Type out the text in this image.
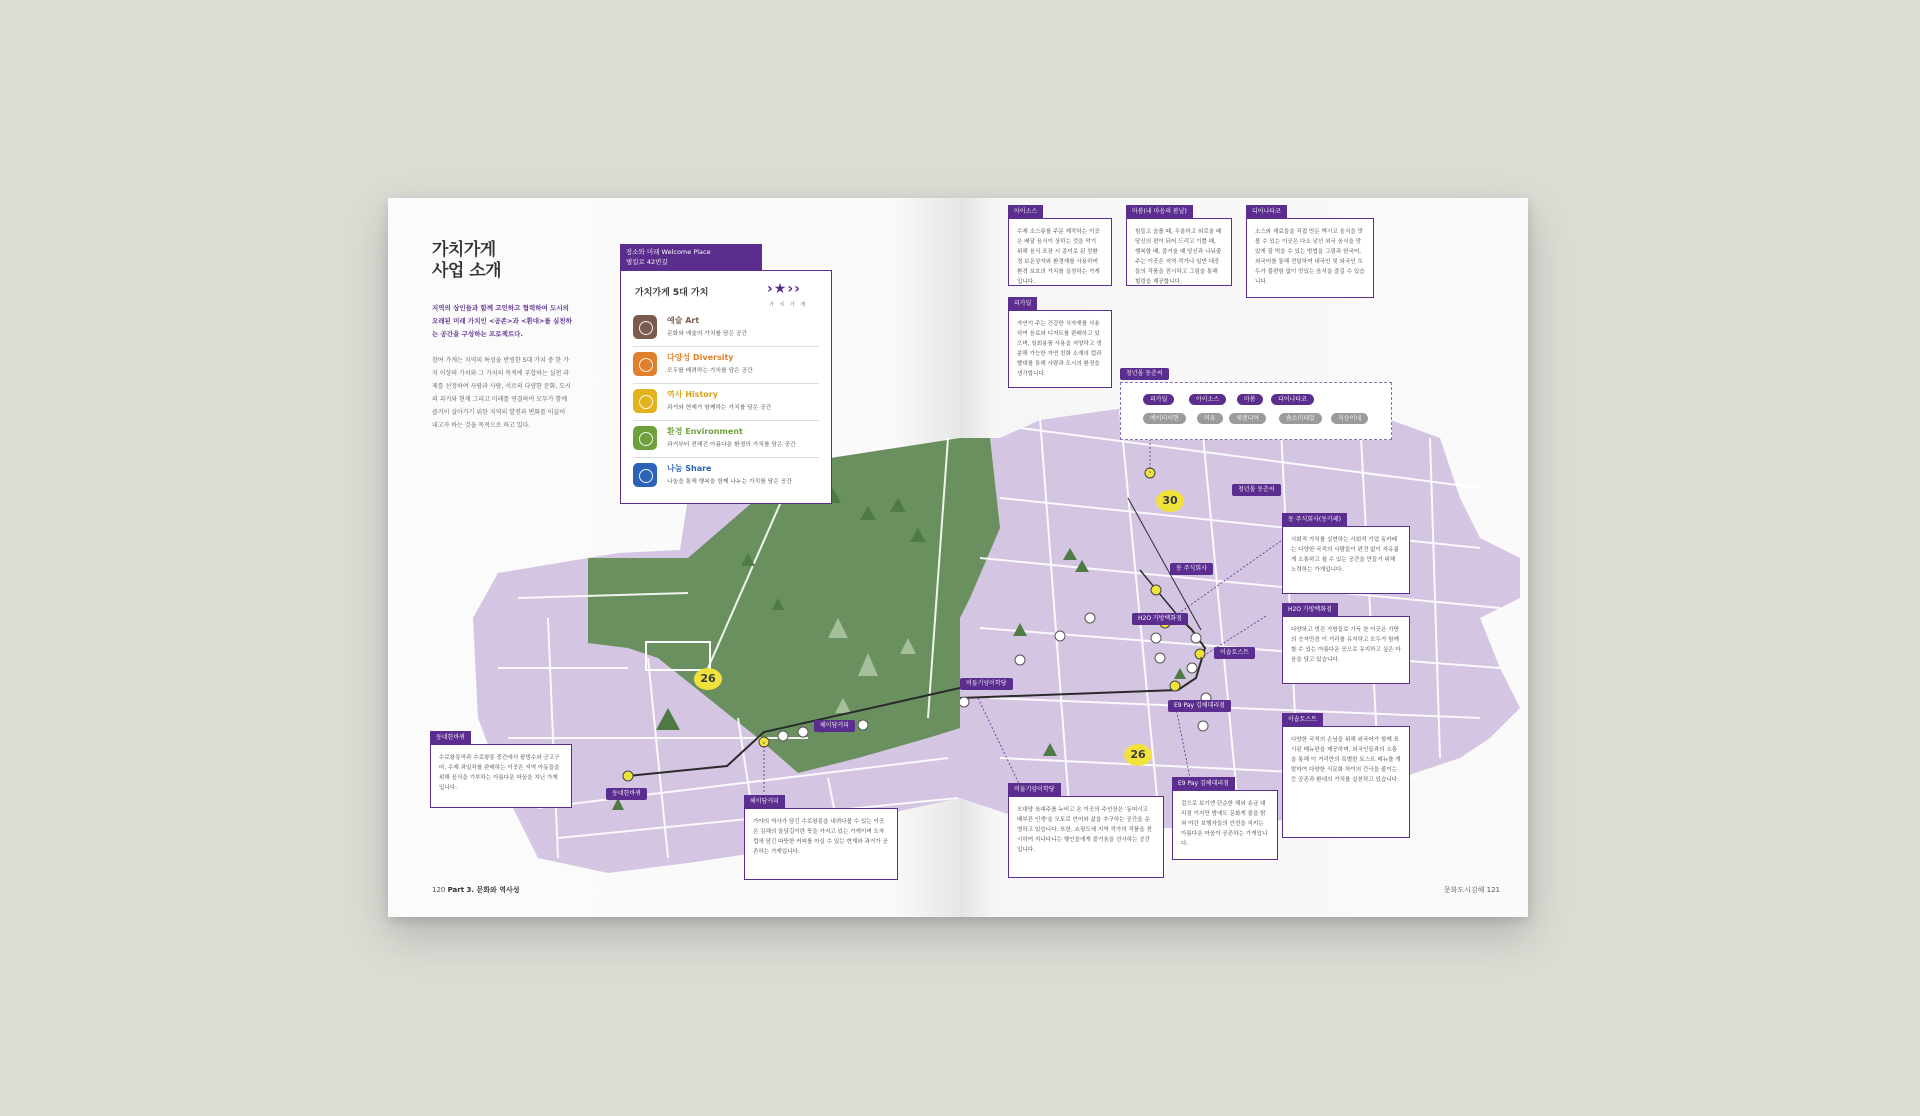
가치가게
사업 소개
지역의 상인들과 함께 고민하고 협력하여 도시의 오래된 미래 가치인 <공존>과 <환대>를 실천하는 공간을 구성하는 프로젝트다.
참여 가게는 지역의 특성을 반영한 5대 가치 중 한 가지 이상의 가치와 그 가치의 목적에 부합하는 실천 과제를 선정하여 사람과 사람, 서로의 다양한 문화, 도시의 과거와 현재 그리고 미래를 연결하여 모두가 함께 즐거이 살아가기 위한 지역의 발전과 변화를 이끌어 내고자 하는 것을 목적으로 하고 있다.
장소와 미래 Welcome Place
별킬로 42번길
가치가게 5대 가치	›★››
가 치 가 게
예술 Art
문화와 예술의 가치를 담은 공간
다양성 Diversity
모두를 배려하는 가치를 담은 공간
역사 History
과거와 현재가 함께하는 가치를 담은 공간
환경 Environment
과거부터 전해진 아름다운 환경의 가치를 담은 공간
나눔 Share
나눔을 통해 행복을 함께 나누는 가치를 담은 공간
26
동네한바퀴
수로왕릉역과 수로왕릉 중간에서 팥빙수와 군고구마, 수제 과일차를 판매하는 이곳은 지역 아동들을 위해 음식을 기부하는 아름다운 마음을 지닌 가게입니다.
헤이담커피
가야의 역사가 담긴 수로왕릉을 내려다볼 수 있는 이곳은 김해의 돌담길이란 뜻을 가지고 있는 가게이며 도자 컵에 담긴 따뜻한 커피를 마실 수 있는 현재와 과거가 공존하는 가게입니다.
동네한바퀴
헤이담커피
120 Part 3. 문화와 역사성
아이소스
수제 소스류를 주문 제작하는 이곳은 배달 음식이 상하는 것을 막기 위해 음식 포장 시 종이로 된 친환경 보온상자와 환경재를 사용하며 환경 보호의 가치를 실천하는 가게입니다.
마봄(내 마음의 봄날)
힘들고 슬플 때, 우울하고 외로울 때 당신의 편이 되어 드리고 기쁠 때, 행복할 때, 즐거울 때 당신과 나눠줄 주는 이곳은 지역 작가나 일반 대중들의 작품을 전시하고 그림을 통해 힐링을 제공합니다.
디어나타코
소스와 재료들을 직접 만든 멕시코 음식을 맛볼 수 있는 이곳은 다소 낯선 외국 음식을 맛있게 잘 먹을 수 있는 방법을 그림과 한국어, 외국어를 통해 전달하여 내국인 및 외국인 모두가 불편함 없이 맛있는 음식을 즐길 수 있습니다.
피카딜
자연이 주는 건강한 식자재를 사용하여 음료와 디저트를 판매하고 있으며, 일회용품 사용을 지양하고 생분해 가능한 자연 친화 소재의 컵과 빨대를 통해 사람과 도시의 환경을 생각합니다.	청년몰 동춘씨
피카딜	아이소스	마봄	디어나타코
에이티이현	미유	세렌디아	솜소미테일	지승이네
동 주식회사(동카페)
사회적 가치를 실현하는 사회적 기업 동카페는 다양한 국적의 사람들이 편견 없이 자유롭게 소통하고 쉴 수 있는 공간을 만들기 위해 노력하는 가게입니다.
H2O 가방백화점
다양하고 멋진 가방들로 가득 찬 이곳은 가방의 숫자만큼 이 거리를 유지하고 모두가 함께할 수 있는 아름다운 곳으로 유지하고 싶은 마음을 담고 있습니다.
이솝토스트
다양한 국적의 손님을 위해 외국어가 함께 표시된 메뉴판을 제공하며, 외국인들과의 소통을 통해 이 거리만의 특별한 토스트 메뉴를 개발하여 다양한 식문화 차이의 간극을 줄이는 등 공존과 환대의 가치를 실천하고 있습니다.
비둘기양이학당
모대양 육대주를 누비고 온 이곳의 주인장은 '동떠시고 배부른 인생'을 모토로 언어와 삶을 추구하는 공간을 운영하고 있습니다. 또한, 쇼핑도에 지역 작가의 작품을 전시하여 지나다니는 행인들에게 즐거움을 선사하는 공간입니다.
E9 Pay 김해대리점
겉으로 보기엔 단순한 해외 송금 대리점 이지만 밤에도 문화게 불을 밝혀 야간 보행자들의 안전을 지키는 아름다운 마음이 공존하는 가게입니다.
청년몰 동춘씨
동 주식회사
H2O 가방백화점
이솝토스트
E9 Pay 김해대리점
비둘기양이학당
30
26
문화도시김해 121
